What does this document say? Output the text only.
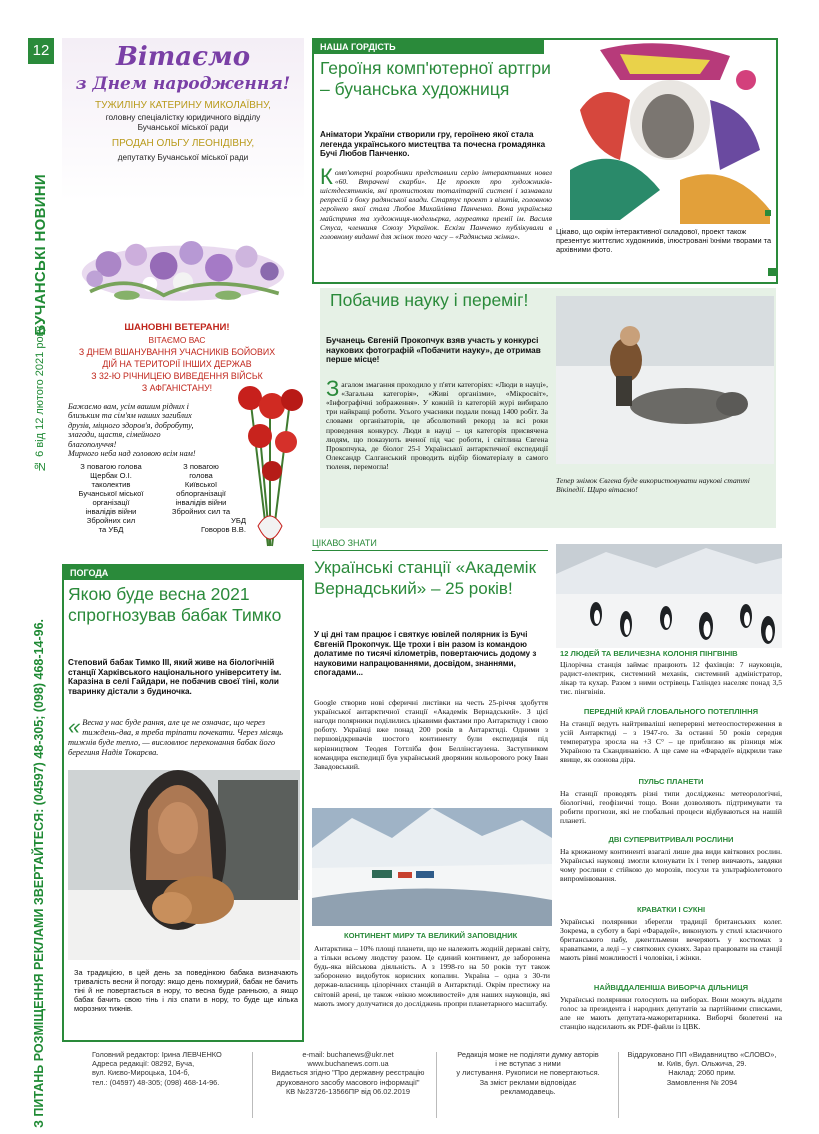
12
БУЧАНСЬКІ НОВИНИ
№ 6 від 12 лютого 2021 року
З ПИТАНЬ РОЗМІЩЕННЯ РЕКЛАМИ ЗВЕРТАЙТЕСЯ: (04597) 48-305; (098) 468-14-96.
Вітаємо
з Днем народження!
ТУЖИЛІНУ КАТЕРИНУ МИКОЛАЇВНУ,
головну спеціалістку юридичного відділу
Бучанської міської ради
ПРОДАН ОЛЬГУ ЛЕОНІДІВНУ,
депутатку Бучанської міської ради
ШАНОВНІ ВЕТЕРАНИ!
ВІТАЄМО ВАС
З ДНЕМ ВШАНУВАННЯ УЧАСНИКІВ БОЙОВИХ
ДІЙ НА ТЕРИТОРІЇ ІНШИХ ДЕРЖАВ
З 32-Ю РІЧНИЦЕЮ ВИВЕДЕННЯ ВІЙСЬК
З АФГАНІСТАНУ!
Бажаємо вам, усім вашим рідних і
близьким та сім'ям наших загиблих
друзів, міцного здоров'я, добробуту,
злагоди, щастя, сімейного
благополуччя!
Мирного неба над головою всім нам!
З повагою голова	З повагою
Щербак О.І.	голова
таколектив	Київської
Бучанської міської	облорганізації
організації	інвалідів війни
інвалідів війни	Збройних сил та
Збройних сил	УБД
та УБД	Говоров В.В.
ПОГОДА
Якою буде весна 2021 спрогнозував бабак Тимко
Степовий бабак Тимко ІІІ, який живе на біологічній станції Харківського національного університету ім. Каразіна в селі Гайдари, не побачив своєї тіні, коли тваринку дістали з будиночка.
« Весна у нас буде рання, але це не означає, що через тиждень-два, я треба тріпати почекати. Через місяць тижнів буде тепло, — висловлює переконання бабак його берегиня Надія Токарєва.
За традицією, в цей день за поведінкою бабака визначають тривалість весни й погоду: якщо день похмурий, бабак не бачить тіні й не повертається в нору, то весна буде ранньою, а якщо бабак бачить свою тінь і ліз спати в нору, то буде ще кілька морозних тижнів.
НАША ГОРДІСТЬ
Героїня комп'ютерної артгри – бучанська художниця
Аніматори України створили гру, героїнею якої стала легенда українського мистецтва та почесна громадянка Бучі Любов Панченко.
К омп'ютерні розробники представили серію інтерактивних новел «60. Втрачені скарби». Це проект про художників-шістдесятників, які протистояли тоталітарній системі і зазнавали репресій з боку радянської влади. Стартує проект з візитів, головною героїнею якої стала Любов Михайлівна Панченко. Вона українська майстриня та художниця-модельєрка, лауреатка премії ім. Василя Стуса, членкиня Союзу Українок. Ескізи Панченко публікували в головному виданні для жінок того часу – «Радянська жінка».
Цікаво, що окрім інтерактивної складової, проект також презентує життєпис художників, ілюстровані їхніми творами та архівними фото.
Побачив науку і переміг!
Бучанець Євгеній Прокопчук взяв участь у конкурсі наукових фотографій «Побачити науку», де отримав перше місце!
З агалом змагання проходило у п'яти категоріях: «Люди в науці», «Загальна категорія», «Живі організми», «Мікросвіт», «Інфографічні зображення». У кожній із категорій журі вибирало три найкращі роботи. Усього учасники подали понад 1400 робіт. За словами організаторів, це абсолютний рекорд за всі роки проведення конкурсу. Люди в науці – ця категорія присвячена людям, що показують вченої під час роботи, і світлина Євгена Прокопчука, де біолог 25-ї Української антарктичної експедиції Олександр Салганський проводить відбір біоматеріалу в самого тюленя, перемогла!
Тепер знімок Євгена буде використовувати наукові статті Вікіпедії. Щиро вітаємо!
ЦІКАВО ЗНАТИ
Українські станції «Академік Вернадський» – 25 років!
У ці дні там працює і святкує ювілей полярник із Бучі Євгеній Прокопчук. Ще трохи і він разом із командою долатиме по тисячі кілометрів, повертаючись додому з науковими напрацюваннями, досвідом, знаннями, спогадами...
Google створив нові сферичні листівки на честь 25-річчя здобуття української антарктичної станції «Академік Вернадський». З цієї нагоди полярники поділились цікавими фактами про Антарктиду і свою роботу. Українці вже понад 200 років в Антарктиді. Одними з першовідкривачів шостого континенту були експедиція під керівництвом Теодея Готтліба фон Беллінсгаузена. Заступником командира експедиції був український дворянин кольорового року Іван Завадовський.
КОНТИНЕНТ МИРУ ТА ВЕЛИКИЙ ЗАПОВІДНИК
Антарктика – 10% площі планети, що не належить жодній державі світу, а тільки всьому людству разом. Це єдиний континент, де заборонена будь-яка військова діяльність. А з 1998-го на 50 років тут також заборонено видобуток корисних копалин. Україна – одна з 30-ти держав-власниць цілорічних станцій в Антарктиді. Окрім престижу на світовій арені, це також «вікно можливостей» для наших науковців, які мають змогу долучатися до досліджень пропри планетарного масштабу.
12 ЛЮДЕЙ ТА ВЕЛИЧЕЗНА КОЛОНІЯ ПІНГВІНІВ
Цілорічна станція займає працюють 12 фахівців: 7 науковців, радист-електрик, системний механік, системний адміністратор, лікар та кухар. Разом з ними острівець Галіндез населяє понад 3,5 тис. пінгвінів.
ПЕРЕДНІЙ КРАЙ ГЛОБАЛЬНОГО ПОТЕПЛІННЯ
На станції ведуть найтриваліші неперервні метеоспостереження в усій Антарктиді – з 1947-го. За останні 50 років середня температура зросла на +3 С° – це приблизно як різниця між Україною та Скандинавією. А ще саме на «Фарадеї» відкрили таке явище, як озонова діра.
ПУЛЬС ПЛАНЕТИ
На станції проводять різні типи досліджень: метеорологічні, біологічні, геофізичні тощо. Вони дозволяють підтримувати та робити прогнози, які не глобальні процеси відбуваються на нашій планеті.
ДВІ СУПЕРВИТРИВАЛІ РОСЛИНИ
На крижаному континенті взагалі лише два види квіткових рослин. Українські науковці змогли клонувати їх і тепер вивчають, завдяки чому рослини є стійкою до морозів, посухи та ультрафіолетового випромінювання.
КРАВАТКИ І СУКНІ
Українські полярники зберегли традиції британських колег. Зокрема, в суботу в барі «Фарадей», виконують у стилі класичного британського пабу, джентльмени вечеряють у костюмах з краватками, а леді – у святкових сукнях. Зараз працювати на станції мають рівні можливості і чоловіки, і жінки.
НАЙВІДДАЛЕНІША ВИБОРЧА ДІЛЬНИЦЯ
Українські полярники голосують на виборах. Вони можуть віддати голос за президента і народних депутатів за партійними списками, але не мають депутата-мажоритарника. Виборчі бюлетені на станцію надсилають як PDF-файли із ЦВК.
Головний редактор: Ірина ЛЕВЧЕНКО
Адреса редакції: 08292, Буча,
вул. Києво-Мироцька, 104-б,
тел.: (04597) 48-305; (098) 468-14-96.
e-mail: buchanews@ukr.net
www.buchanews.com.ua
Видається згідно "Про державну реєстрацію
друкованого засобу масового інформації"
КВ №23726-13566ПР від 06.02.2019
Редакція може не поділяти думку авторів
і не вступає з ними
у листування. Рукописи не повертаються.
За зміст реклами відповідає
рекламодавець.
Віддруковано ПП «Видавництво «СЛОВО»,
м. Київ, бул. Ольжича, 29.
Наклад: 2060 прим.
Замовлення № 2094
